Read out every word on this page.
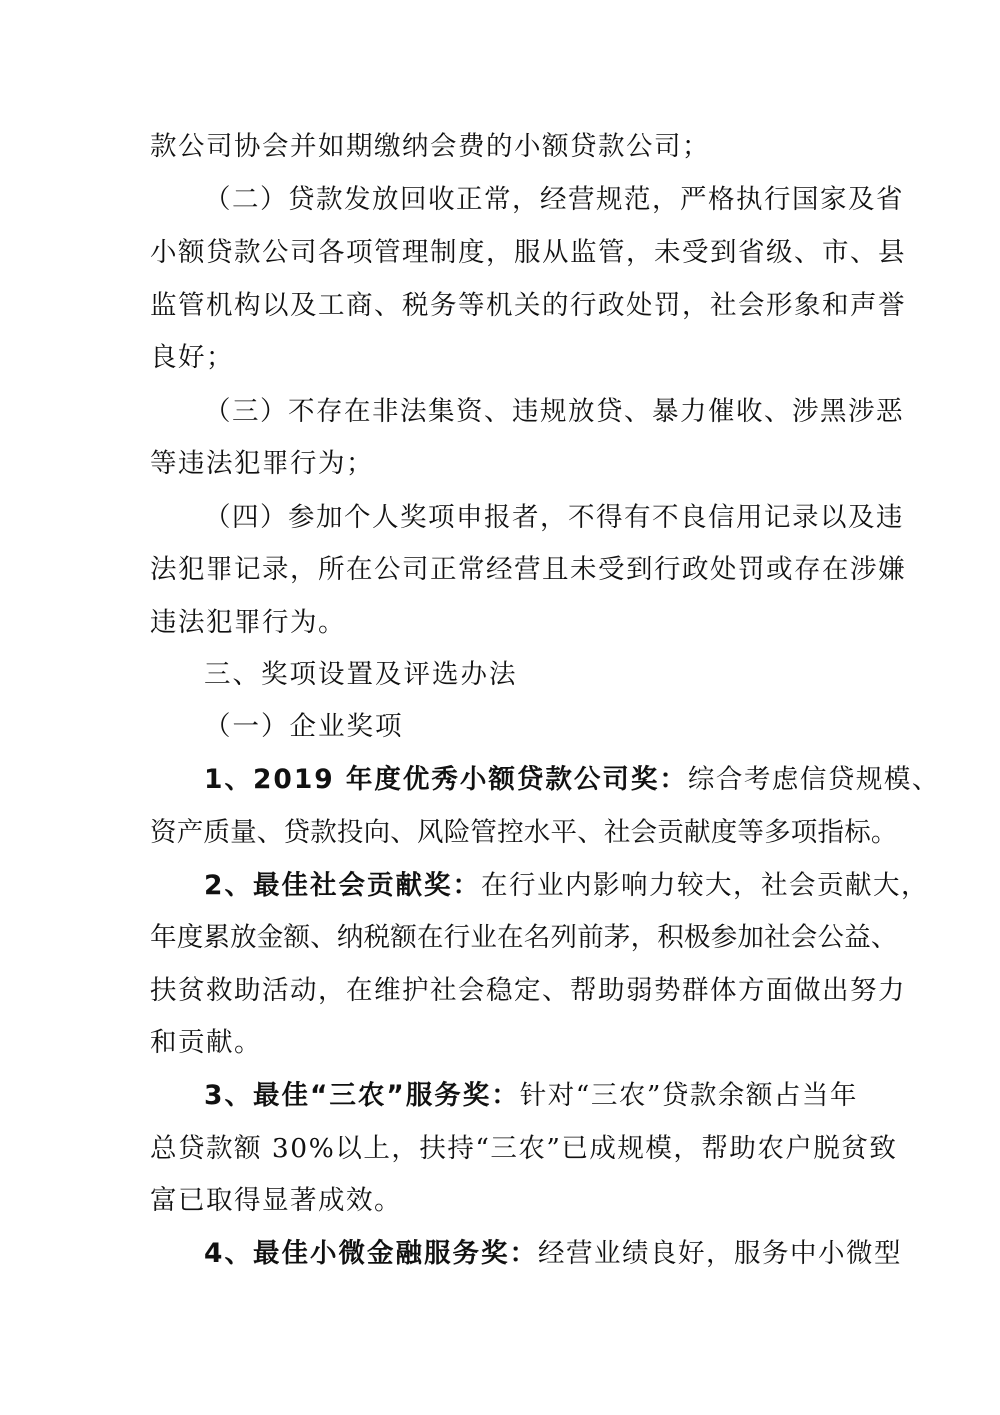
款公司协会并如期缴纳会费的小额贷款公司；
（二）贷款发放回收正常，经营规范，严格执行国家及省
小额贷款公司各项管理制度，服从监管，未受到省级、市、县
监管机构以及工商、税务等机关的行政处罚，社会形象和声誉
良好；
（三）不存在非法集资、违规放贷、暴力催收、涉黑涉恶
等违法犯罪行为；
（四）参加个人奖项申报者，不得有不良信用记录以及违
法犯罪记录，所在公司正常经营且未受到行政处罚或存在涉嫌
违法犯罪行为。
三、奖项设置及评选办法
（一）企业奖项
1、2019 年度优秀小额贷款公司奖：综合考虑信贷规模、
资产质量、贷款投向、风险管控水平、社会贡献度等多项指标。
2、最佳社会贡献奖：在行业内影响力较大，社会贡献大，
年度累放金额、纳税额在行业在名列前茅，积极参加社会公益、
扶贫救助活动，在维护社会稳定、帮助弱势群体方面做出努力
和贡献。
3、最佳“三农”服务奖：针对“三农”贷款余额占当年
总贷款额 30%以上，扶持“三农”已成规模，帮助农户脱贫致
富已取得显著成效。
4、最佳小微金融服务奖：经营业绩良好，服务中小微型
